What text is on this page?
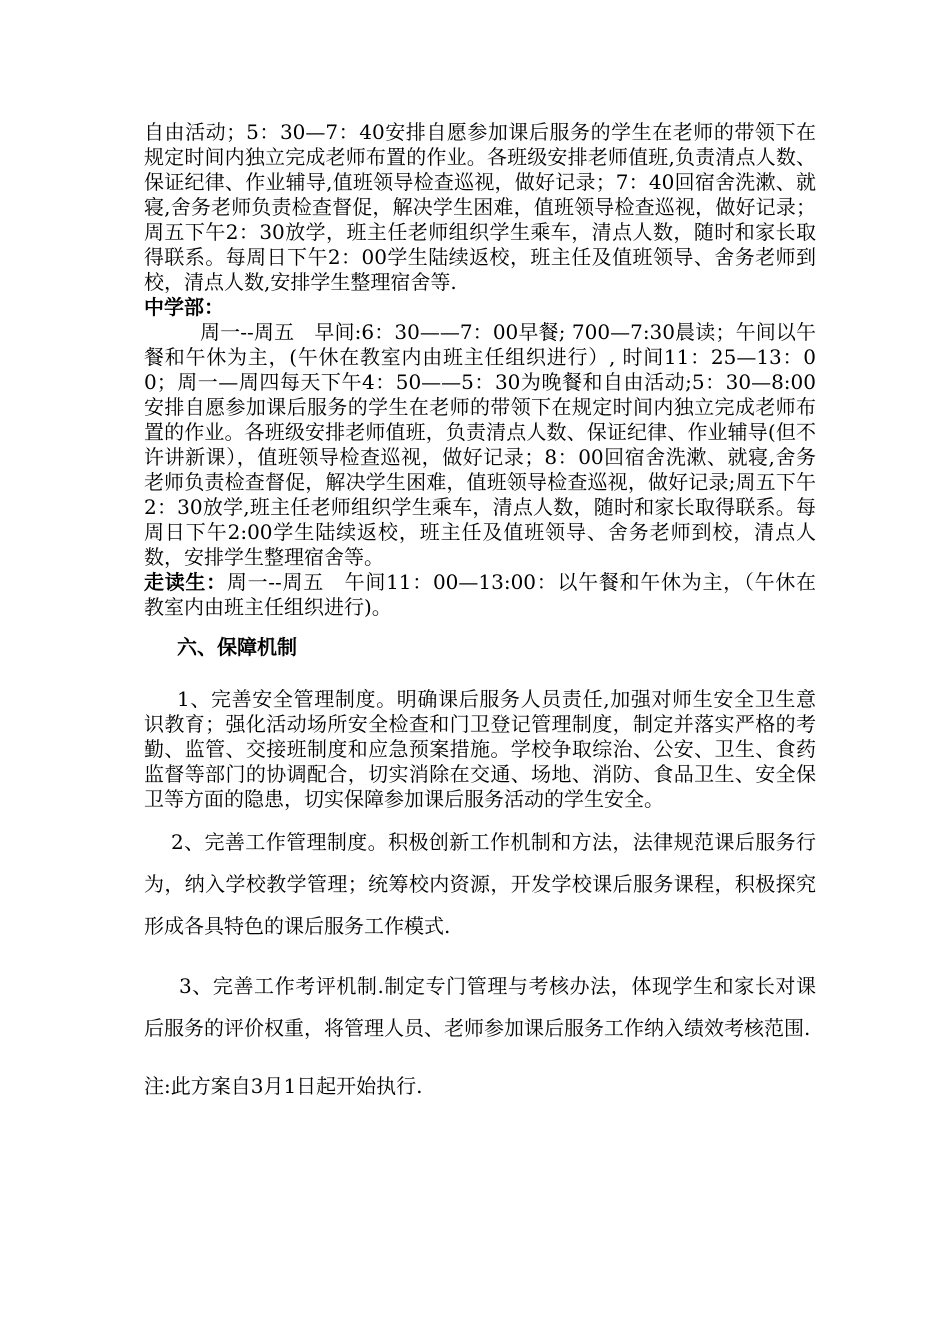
自由活动；5：30—7：40安排自愿参加课后服务的学生在老师的带领下在规定时间内独立完成老师布置的作业。各班级安排老师值班,负责清点人数、保证纪律、作业辅导,值班领导检查巡视，做好记录；7：40回宿舍洗漱、就寝,舍务老师负责检查督促，解决学生困难，值班领导检查巡视，做好记录；周五下午2：30放学，班主任老师组织学生乘车，清点人数，随时和家长取得联系。每周日下午2：00学生陆续返校，班主任及值班领导、舍务老师到校，清点人数,安排学生整理宿舍等.

中学部：

周一--周五　早间:6：30——7：00早餐; 700—7:30晨读；午间以午餐和午休为主，(午休在教室内由班主任组织进行）, 时间11：25—13：00；周一—周四每天下午4：50——5：30为晚餐和自由活动;5：30—8:00安排自愿参加课后服务的学生在老师的带领下在规定时间内独立完成老师布置的作业。各班级安排老师值班，负责清点人数、保证纪律、作业辅导(但不许讲新课），值班领导检查巡视，做好记录；8：00回宿舍洗漱、就寝,舍务老师负责检查督促，解决学生困难，值班领导检查巡视，做好记录;周五下午2：30放学,班主任老师组织学生乘车，清点人数，随时和家长取得联系。每周日下午2:00学生陆续返校，班主任及值班领导、舍务老师到校，清点人数，安排学生整理宿舍等。

走读生：周一--周五　午间11：00—13:00：以午餐和午休为主，（午休在教室内由班主任组织进行)。

六、保障机制

1、完善安全管理制度。明确课后服务人员责任,加强对师生安全卫生意识教育；强化活动场所安全检查和门卫登记管理制度，制定并落实严格的考勤、监管、交接班制度和应急预案措施。学校争取综治、公安、卫生、食药监督等部门的协调配合，切实消除在交通、场地、消防、食品卫生、安全保卫等方面的隐患，切实保障参加课后服务活动的学生安全。

2、完善工作管理制度。积极创新工作机制和方法，法律规范课后服务行为，纳入学校教学管理；统筹校内资源，开发学校课后服务课程，积极探究形成各具特色的课后服务工作模式.

3、完善工作考评机制.制定专门管理与考核办法，体现学生和家长对课后服务的评价权重，将管理人员、老师参加课后服务工作纳入绩效考核范围.

注:此方案自3月1日起开始执行.
